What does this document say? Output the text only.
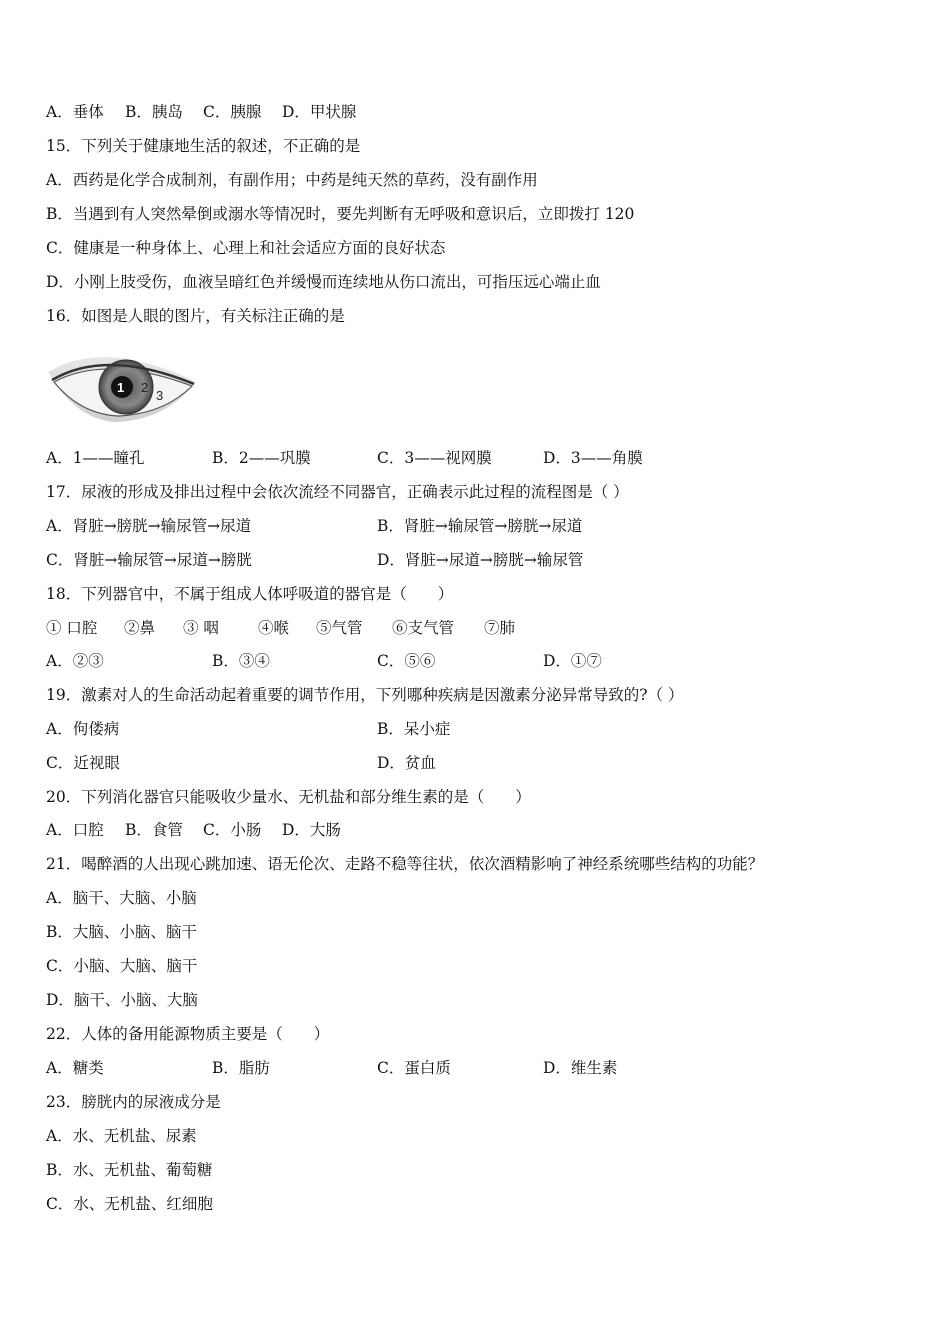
A．垂体 B．胰岛 C．胰腺 D．甲状腺
15．下列关于健康地生活的叙述，不正确的是
A．西药是化学合成制剂，有副作用；中药是纯天然的草药，没有副作用
B．当遇到有人突然晕倒或溺水等情况时，要先判断有无呼吸和意识后，立即拨打 120
C．健康是一种身体上、心理上和社会适应方面的良好状态
D．小刚上肢受伤，血液呈暗红色并缓慢而连续地从伤口流出，可指压远心端止血
16．如图是人眼的图片，有关标注正确的是
1 2
3
A．1——瞳孔	B．2——巩膜	C．3——视网膜	D．3——角膜
17．尿液的形成及排出过程中会依次流经不同器官，正确表示此过程的流程图是（ ）
A．肾脏→膀胱→输尿管→尿道	B．肾脏→输尿管→膀胱→尿道
C．肾脏→输尿管→尿道→膀胱	D．肾脏→尿道→膀胱→输尿管
18．下列器官中，不属于组成人体呼吸道的器官是（　　）
① 口腔 ②鼻 ③ 咽	④喉 ⑤气管 ⑥支气管 ⑦肺
A．②③	B．③④	C．⑤⑥	D．①⑦
19．激素对人的生命活动起着重要的调节作用，下列哪种疾病是因激素分泌异常导致的?（ ）
A．佝偻病	B．呆小症
C．近视眼	D．贫血
20．下列消化器官只能吸收少量水、无机盐和部分维生素的是（　　）
A．口腔 B．食管 C．小肠 D．大肠
21．喝醉酒的人出现心跳加速、语无伦次、走路不稳等往状，依次酒精影响了神经系统哪些结构的功能？
A．脑干、大脑、小脑
B．大脑、小脑、脑干
C．小脑、大脑、脑干
D．脑干、小脑、大脑
22．人体的备用能源物质主要是（　　）
A．糖类	B．脂肪	C．蛋白质	D．维生素
23．膀胱内的尿液成分是
A．水、无机盐、尿素
B．水、无机盐、葡萄糖
C．水、无机盐、红细胞
